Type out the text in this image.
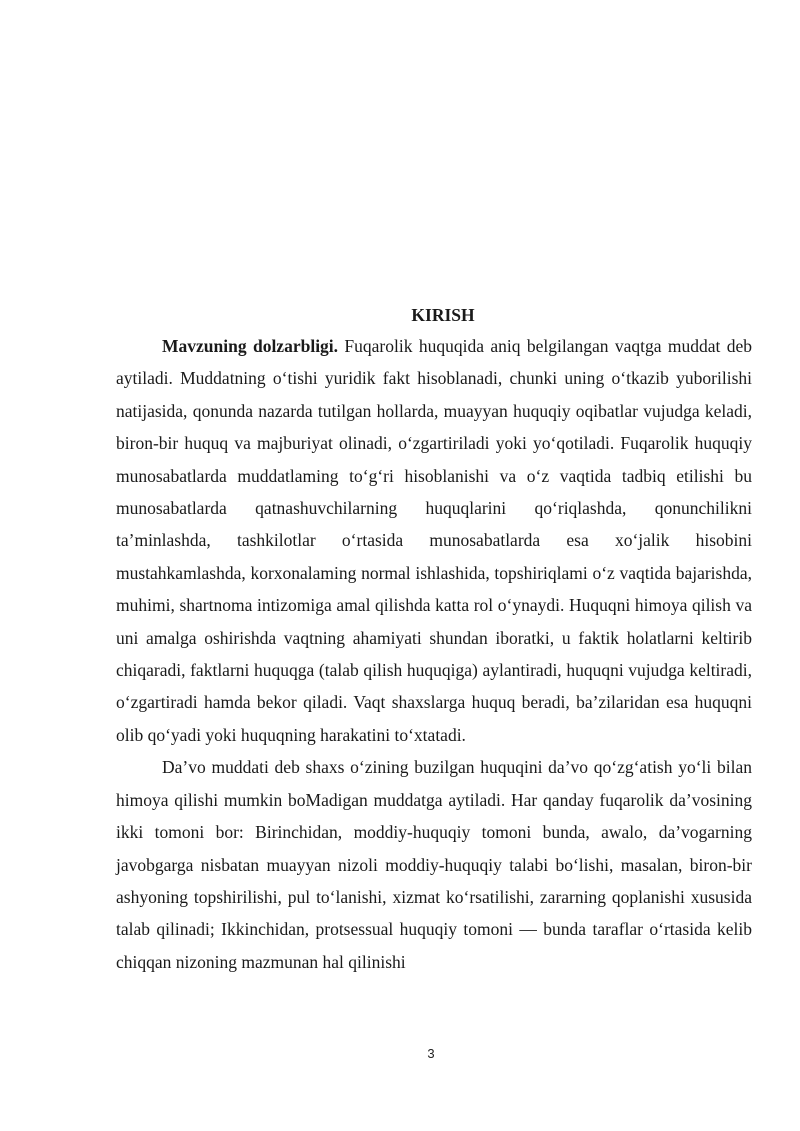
KIRISH

Mavzuning dolzarbligi. Fuqarolik huquqida aniq belgilangan vaqtga muddat deb aytiladi. Muddatning o‘tishi yuridik fakt hisoblanadi, chunki uning o‘tkazib yuborilishi natijasida, qonunda nazarda tutilgan hollarda, muayyan huquqiy oqibatlar vujudga keladi, biron-bir huquq va majburiyat olinadi, o‘zgartiriladi yoki yo‘qotiladi. Fuqarolik huquqiy munosabatlarda muddatlaming to‘g‘ri hisoblanishi va o‘z vaqtida tadbiq etilishi bu munosabatlarda qatnashuvchilarning huquqlarini qo‘riqlashda, qonunchilikni ta’minlashda, tashkilotlar o‘rtasida munosabatlarda esa xo‘jalik hisobini mustahkamlashda, korxonalaming normal ishlashida, topshiriqlami o‘z vaqtida bajarishda, muhimi, shartnoma intizomiga amal qilishda katta rol o‘ynaydi. Huquqni himoya qilish va uni amalga oshirishda vaqtning ahamiyati shundan iboratki, u faktik holatlarni keltirib chiqaradi, faktlarni huquqga (talab qilish huquqiga) aylantiradi, huquqni vujudga keltiradi, o‘zgartiradi hamda bekor qiladi. Vaqt shaxslarga huquq beradi, ba’zilaridan esa huquqni olib qo‘yadi yoki huquqning harakatini to‘xtatadi.

Da’vo muddati deb shaxs o‘zining buzilgan huquqini da’vo qo‘zg‘atish yo‘li bilan himoya qilishi mumkin boMadigan muddatga aytiladi. Har qanday fuqarolik da’vosining ikki tomoni bor: Birinchidan, moddiy-huquqiy tomoni bunda, awalo, da’vogarning javobgarga nisbatan muayyan nizoli moddiy-huquqiy talabi bo‘lishi, masalan, biron-bir ashyoning topshirilishi, pul to‘lanishi, xizmat ko‘rsatilishi, zararning qoplanishi xususida talab qilinadi; Ikkinchidan, protsessual huquqiy tomoni — bunda taraflar o‘rtasida kelib chiqqan nizoning mazmunan hal qilinishi

3
